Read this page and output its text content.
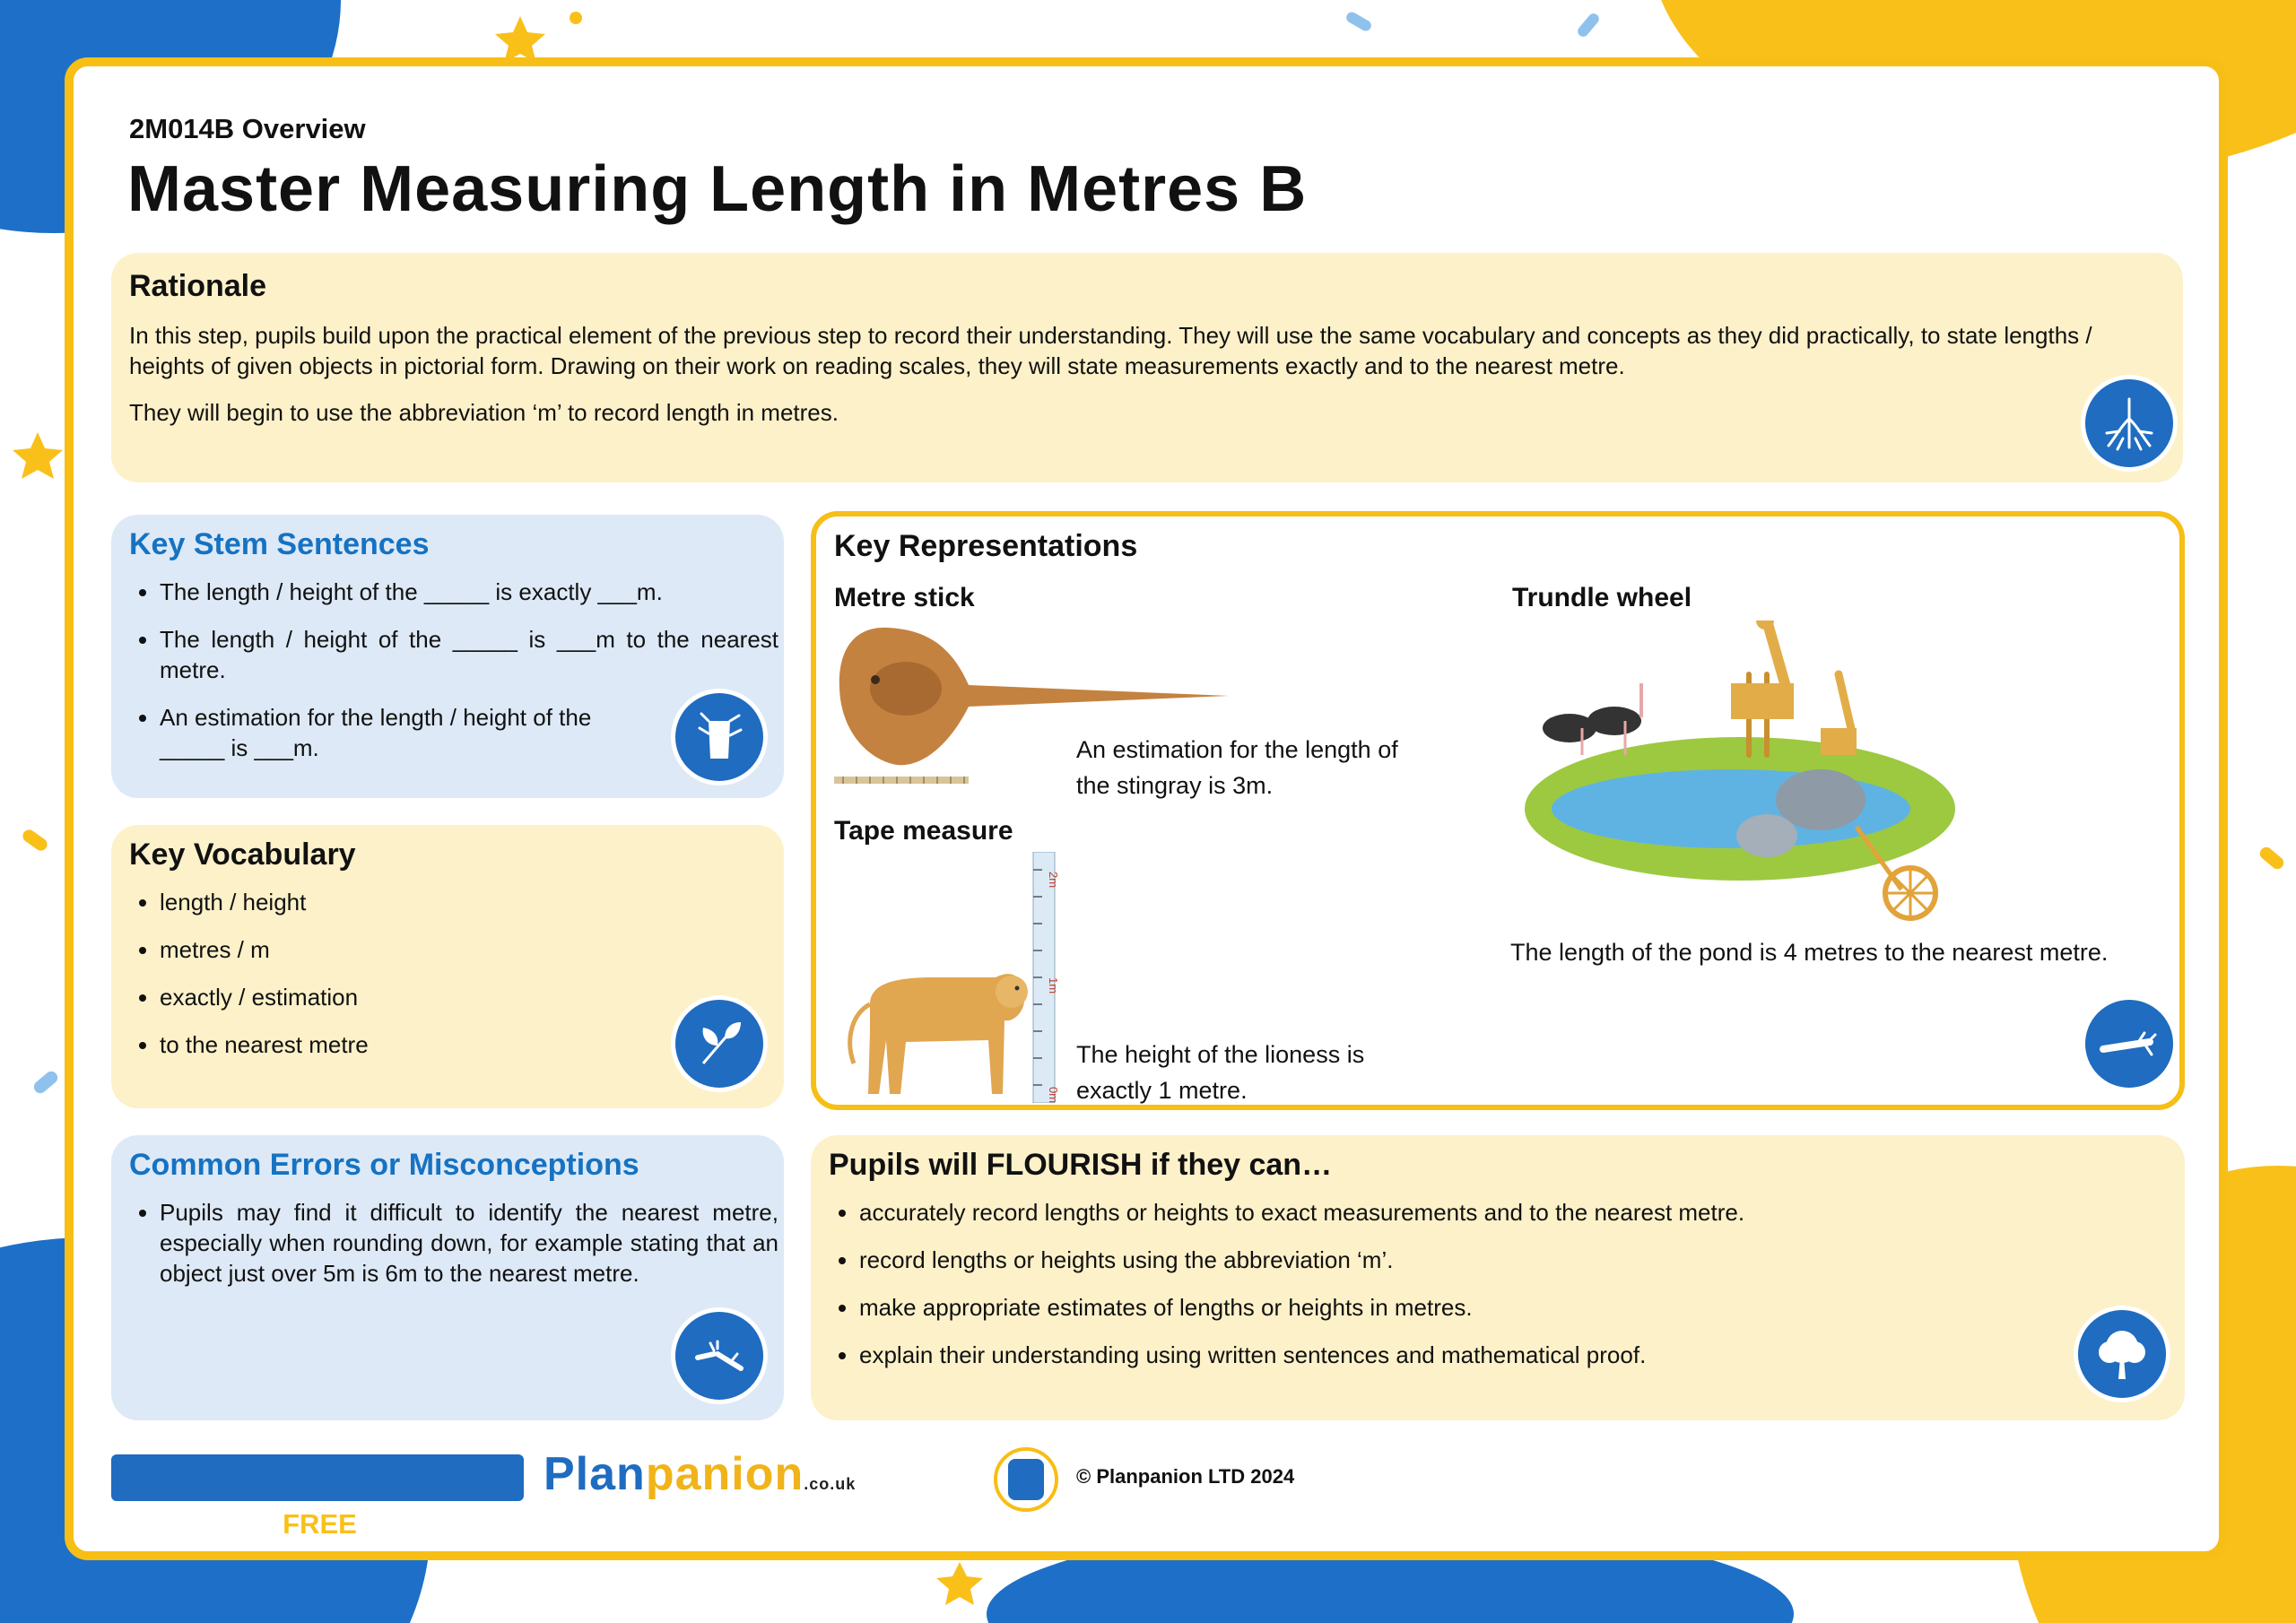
2M014B Overview
Master Measuring Length in Metres B
Rationale

In this step, pupils build upon the practical element of the previous step to record their understanding. They will use the same vocabulary and concepts as they did practically, to state lengths / heights of given objects in pictorial form. Drawing on their work on reading scales, they will state measurements exactly and to the nearest metre.

They will begin to use the abbreviation ‘m’ to record length in metres.

Key Stem Sentences
• The length / height of the _____ is exactly ___m.
• The length / height of the _____ is ___m to the nearest metre.
• An estimation for the length / height of the _____ is ___m.
Key Vocabulary
• length / height
• metres / m
• exactly / estimation
• to the nearest metre
Common Errors or Misconceptions
• Pupils may find it difficult to identify the nearest metre, especially when rounding down, for example stating that an object just over 5m is 6m to the nearest metre.
Key Representations
Metre stick
An estimation for the length of the stingray is 3m.
Tape measure
2m
1m
0m
The height of the lioness is exactly 1 metre.
Trundle wheel
The length of the pond is 4 metres to the nearest metre.
Pupils will FLOURISH if they can…
• accurately record lengths or heights to exact measurements and to the nearest metre.
• record lengths or heights using the abbreviation ‘m’.
• make appropriate estimates of lengths or heights in metres.
• explain their understanding using written sentences and mathematical proof.

This is a FREE resource from

Planpanion.co.uk	© Planpanion LTD 2024
